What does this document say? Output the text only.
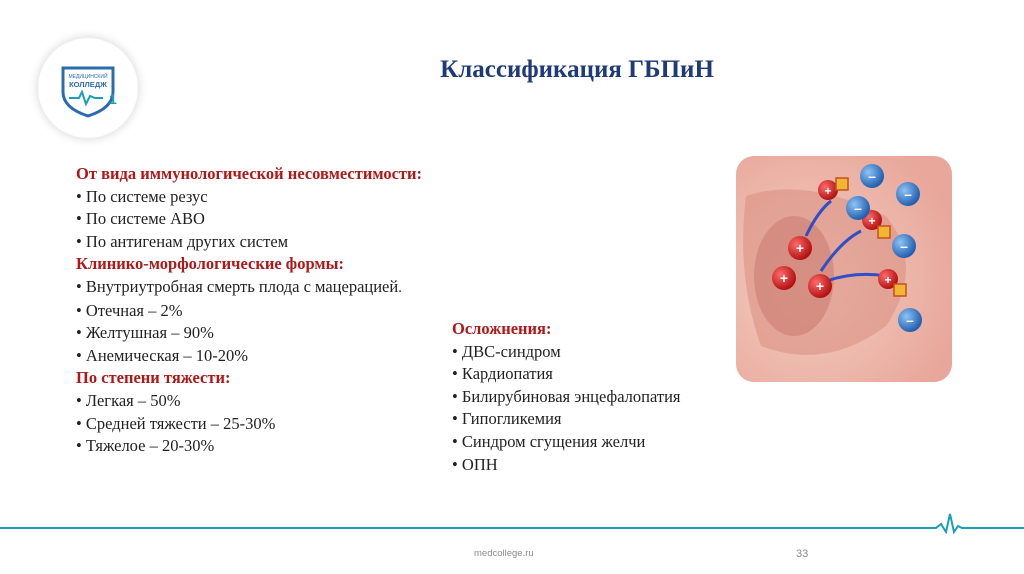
МЕДИЦИНСКИЙ
КОЛЛЕДЖ
1
Классификация ГБПиН
От вида иммунологической несовместимости:
• По системе резус
• По системе АВО
• По антигенам других систем
Клинико-морфологические формы:
• Внутриутробная смерть плода с мацерацией.
• Отечная – 2%
• Желтушная – 90%
• Анемическая – 10-20%
По степени тяжести:
• Легкая – 50%
• Средней тяжести – 25-30%
• Тяжелое – 20-30%
Осложнения:
• ДВС-синдром
• Кардиопатия
• Билирубиновая энцефалопатия
• Гипогликемия
• Синдром сгущения желчи
• ОПН
+
+ +
+
+
+
–
–
–
–
–
medcollege.ru	33
